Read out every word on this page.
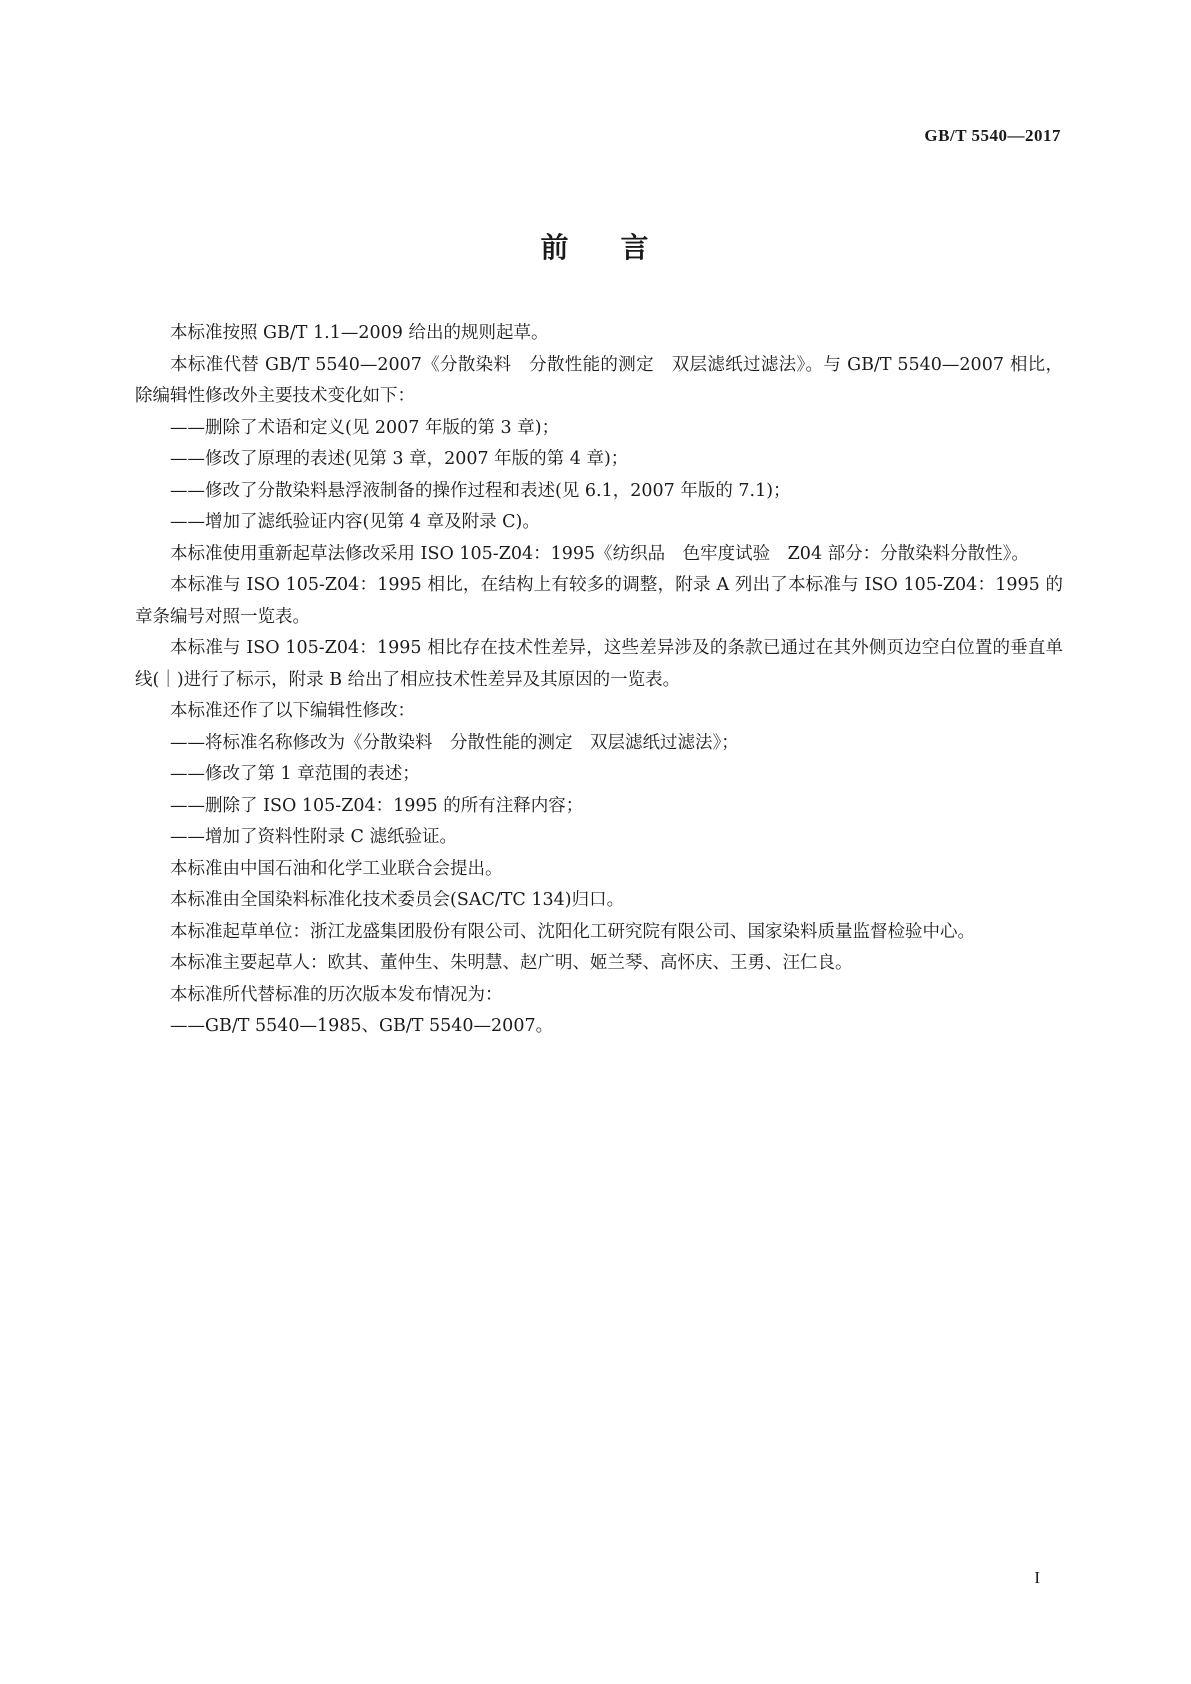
GB/T 5540—2017
前 言

本标准按照 GB/T 1.1—2009 给出的规则起草。

本标准代替 GB/T 5540—2007《分散染料　分散性能的测定　双层滤纸过滤法》。与 GB/T 5540—2007 相比，除编辑性修改外主要技术变化如下：

——删除了术语和定义(见 2007 年版的第 3 章)；

——修改了原理的表述(见第 3 章，2007 年版的第 4 章)；

——修改了分散染料悬浮液制备的操作过程和表述(见 6.1，2007 年版的 7.1)；

——增加了滤纸验证内容(见第 4 章及附录 C)。

本标准使用重新起草法修改采用 ISO 105-Z04：1995《纺织品　色牢度试验　Z04 部分：分散染料分散性》。

本标准与 ISO 105-Z04：1995 相比，在结构上有较多的调整，附录 A 列出了本标准与 ISO 105-Z04：1995 的章条编号对照一览表。

本标准与 ISO 105-Z04：1995 相比存在技术性差异，这些差异涉及的条款已通过在其外侧页边空白位置的垂直单线(｜)进行了标示，附录 B 给出了相应技术性差异及其原因的一览表。

本标准还作了以下编辑性修改：

——将标准名称修改为《分散染料　分散性能的测定　双层滤纸过滤法》；

——修改了第 1 章范围的表述；

——删除了 ISO 105-Z04：1995 的所有注释内容；

——增加了资料性附录 C 滤纸验证。

本标准由中国石油和化学工业联合会提出。

本标准由全国染料标准化技术委员会(SAC/TC 134)归口。

本标准起草单位：浙江龙盛集团股份有限公司、沈阳化工研究院有限公司、国家染料质量监督检验中心。

本标准主要起草人：欧其、董仲生、朱明慧、赵广明、姬兰琴、高怀庆、王勇、汪仁良。

本标准所代替标准的历次版本发布情况为：

——GB/T 5540—1985、GB/T 5540—2007。

I
